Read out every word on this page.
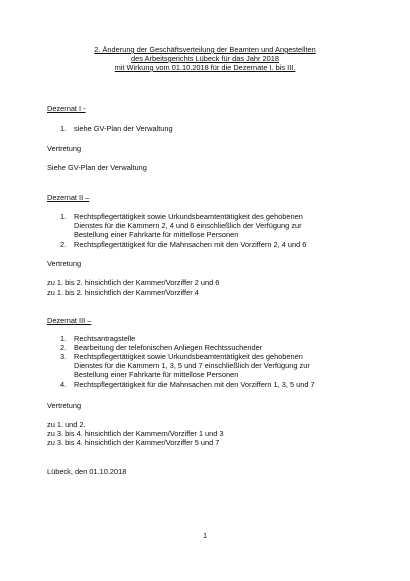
2. Änderung der Geschäftsverteilung der Beamten und Angestellten
des Arbeitsgerichts Lübeck für das Jahr 2018
mit Wirkung vom 01.10.2018 für die Dezernate I. bis III.
Dezernat I -
1.	siehe GV-Plan der Verwaltung
Vertretung
Siehe GV-Plan der Verwaltung
Dezernat II –
1.	Rechtspflegertätigkeit sowie Urkundsbeamtentätigkeit des gehobenen
Dienstes für die Kammern 2, 4 und 6 einschließlich der Verfügung zur
Bestellung einer Fahrkarte für mittellose Personen
2.	Rechtspflegertätigkeit für die Mahnsachen mit den Vorziffern 2, 4 und 6
Vertretung
zu 1. bis 2. hinsichtlich der Kammer/Vorziffer 2 und 6
zu 1. bis 2. hinsichtlich der Kammer/Vorziffer 4
Dezernat III –
1.	Rechtsantragstelle
2.	Bearbeitung der telefonischen Anliegen Rechtssuchender
3.	Rechtspflegertätigkeit sowie Urkundsbeamtentätigkeit des gehobenen
Dienstes für die Kammern 1, 3, 5 und 7 einschließlich der Verfügung zur
Bestellung einer Fahrkarte für mittellose Personen
4.	Rechtspflegertätigkeit für die Mahnsachen mit den Vorziffern 1, 3, 5 und 7
Vertretung
zu 1. und 2.
zu 3. bis 4. hinsichtlich der Kammern/Vorziffer 1 und 3
zu 3. bis 4. hinsichtlich der Kammer/Vorziffer 5 und 7
Lübeck, den 01.10.2018
1
